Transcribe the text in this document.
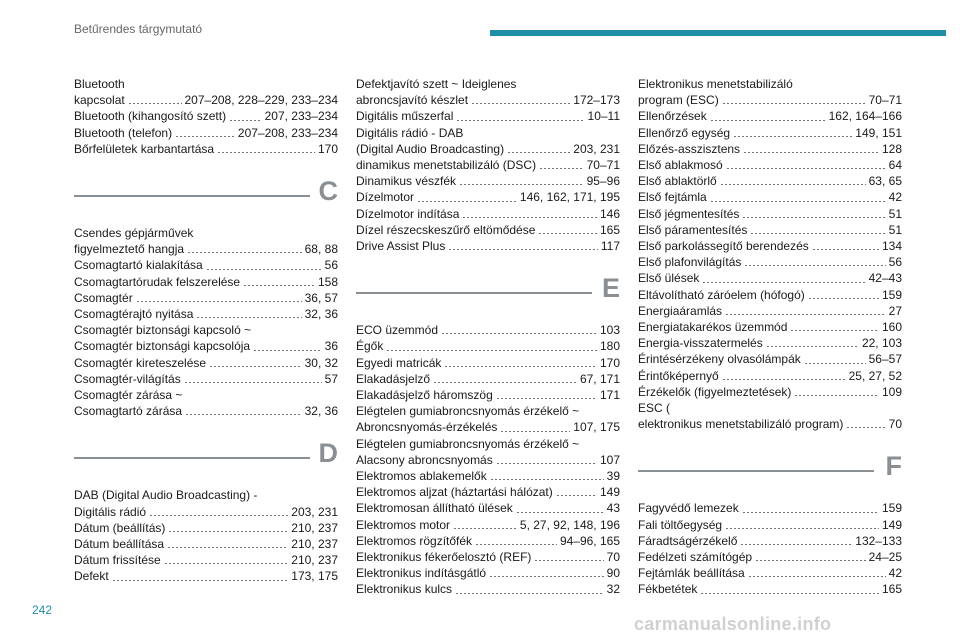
Betűrendes tárgymutató
Bluetooth
kapcsolat	207–208, 228–229, 233–234
Bluetooth (kihangosító szett)	207, 233–234
Bluetooth (telefon)	207–208, 233–234
Bőrfelületek karbantartása	170
C
Csendes gépjárművek
figyelmeztető hangja	68, 88
Csomagtartó kialakítása	56
Csomagtartórudak felszerelése	158
Csomagtér	36, 57
Csomagtérajtó nyitása	32, 36
Csomagtér biztonsági kapcsoló ~
Csomagtér biztonsági kapcsolója	36
Csomagtér kireteszelése	30, 32
Csomagtér-világítás	57
Csomagtér zárása ~
Csomagtartó zárása	32, 36
D
DAB (Digital Audio Broadcasting) -
Digitális rádió	203, 231
Dátum (beállítás)	210, 237
Dátum beállítása	210, 237
Dátum frissítése	210, 237
Defekt	173, 175
Defektjavító szett ~ Ideiglenes
abroncsjavító készlet	172–173
Digitális műszerfal	10–11
Digitális rádió - DAB
(Digital Audio Broadcasting)	203, 231
dinamikus menetstabilizáló (DSC)	70–71
Dinamikus vészfék	95–96
Dízelmotor	146, 162, 171, 195
Dízelmotor indítása	146
Dízel részecskeszűrő eltömődése	165
Drive Assist Plus	117
E
ECO üzemmód	103
Égők	180
Egyedi matricák	170
Elakadásjelző	67, 171
Elakadásjelző háromszög	171
Elégtelen gumiabroncsnyomás érzékelő ~
Abroncsnyomás-érzékelés	107, 175
Elégtelen gumiabroncsnyomás érzékelő ~
Alacsony abroncsnyomás	107
Elektromos ablakemelők	39
Elektromos aljzat (háztartási hálózat)	149
Elektromosan állítható ülések	43
Elektromos motor	5, 27, 92, 148, 196
Elektromos rögzítőfék	94–96, 165
Elektronikus fékerőelosztó (REF)	70
Elektronikus indításgátló	90
Elektronikus kulcs	32
Elektronikus menetstabilizáló
program (ESC)	70–71
Ellenőrzések	162, 164–166
Ellenőrző egység	149, 151
Előzés-asszisztens	128
Első ablakmosó	64
Első ablaktörlő	63, 65
Első fejtámla	42
Első jégmentesítés	51
Első páramentesítés	51
Első parkolássegítő berendezés	134
Első plafonvilágítás	56
Első ülések	42–43
Eltávolítható záróelem (hófogó)	159
Energiaáramlás	27
Energiatakarékos üzemmód	160
Energia-visszatermelés	22, 103
Érintésérzékeny olvasólámpák	56–57
Érintőképernyő	25, 27, 52
Érzékelők (figyelmeztetések)	109
ESC (
elektronikus menetstabilizáló program)	70
F
Fagyvédő lemezek	159
Fali töltőegység	149
Fáradtságérzékelő	132–133
Fedélzeti számítógép	24–25
Fejtámlák beállítása	42
Fékbetétek	165
242
carmanualsonline.info
